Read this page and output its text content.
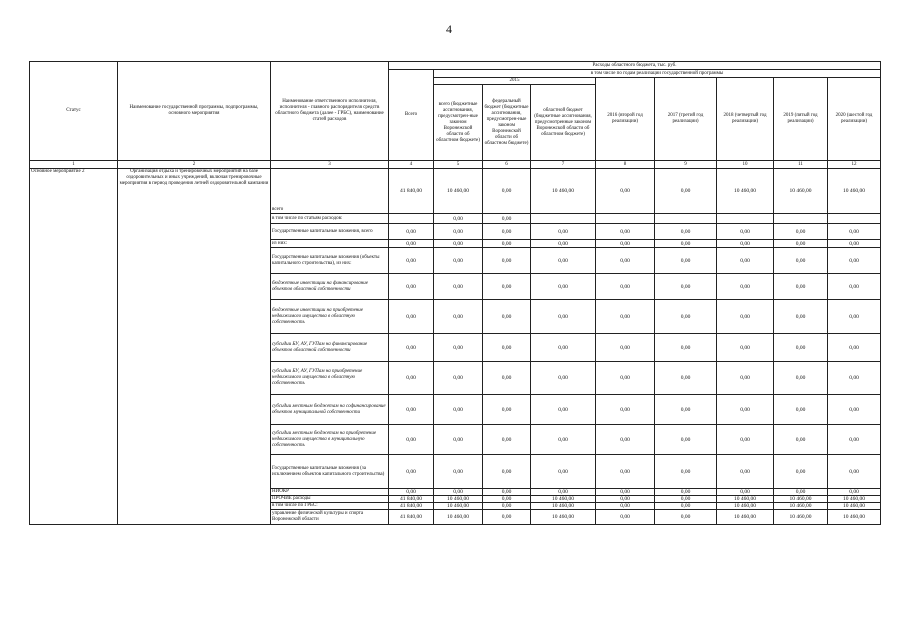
4
Статус	Наименование государственной программы, подпрограммы, основного мероприятия	Наименование ответственного исполнителя, исполнителя - главного распорядителя средств областного бюджета (далее - ГРБС), наименование статей расходов	Расходы областного бюджета, тыс. руб.								
			Всего	в том числе по годам реализации государственной программы							
				2015			2016 (второй год реализации)	2017 (третий год реализации)	2018 (четвертый год реализации)	2019 (пятый год реализации)	2020 (шестой год реализации)
				всего (бюджетные ассигнования, предусмотрен-ные законом Воронежской области об областном бюджете)	федеральный бюджет (бюджетные ассигнования, предусмотрен-ные законом Воронежской области об областном бюджете)	областной бюджет (бюджетные ассигнования, предусмотренные законом Воронежской области об областном бюджете)					
1	2	3	4	5	6	7	8	9	10	11	12
Основное мероприятие 2	Организация отдыха и тренировочных мероприятий на базе оздоровительных и иных учреждений, включая тренировочные мероприятия в период проведения летней оздоровительной кампании	всего	41 840,00	10 460,00	0,00	10 460,00	0,00	0,00	10 460,00	10 460,00	10 460,00
		в том числе по статьям расходов:		0,00	0,00						
		Государственные капитальные вложения, всего	0,00	0,00	0,00	0,00	0,00	0,00	0,00	0,00	0,00
		из них:	0,00	0,00	0,00	0,00	0,00	0,00	0,00	0,00	0,00
		Государственные капитальные вложения (объекты капитального строительства), из них:	0,00	0,00	0,00	0,00	0,00	0,00	0,00	0,00	0,00
		бюджетные инвестиции на финансирование объектов областной собственности	0,00	0,00	0,00	0,00	0,00	0,00	0,00	0,00	0,00
		бюджетные инвестиции на приобретение недвижимого имущества в областную собственность	0,00	0,00	0,00	0,00	0,00	0,00	0,00	0,00	0,00
		субсидии БУ, АУ, ГУПам на финансирование объектов областной собственности	0,00	0,00	0,00	0,00	0,00	0,00	0,00	0,00	0,00
		субсидии БУ, АУ, ГУПам на приобретение недвижимого имущества в областную собственность	0,00	0,00	0,00	0,00	0,00	0,00	0,00	0,00	0,00
		субсидии местным бюджетам на софинансирование объектов муниципальной собственности	0,00	0,00	0,00	0,00	0,00	0,00	0,00	0,00	0,00
		субсидии местным бюджетам на приобретение недвижимого имущества в муниципальную собственность	0,00	0,00	0,00	0,00	0,00	0,00	0,00	0,00	0,00
		Государственные капитальные вложения (за исключением объектов капитального строительства)	0,00	0,00	0,00	0,00	0,00	0,00	0,00	0,00	0,00
		НИОКР	0,00	0,00	0,00	0,00	0,00	0,00	0,00	0,00	0,00
		ПРОЧИЕ расходы	41 840,00	10 460,00	0,00	10 460,00	0,00	0,00	10 460,00	10 460,00	10 460,00
		в том числе по ГРБС:	41 840,00	10 460,00	0,00	10 460,00	0,00	0,00	10 460,00	10 460,00	10 460,00
		управление физической культуры и спорта Воронежской области	41 840,00	10 460,00	0,00	10 460,00	0,00	0,00	10 460,00	10 460,00	10 460,00
